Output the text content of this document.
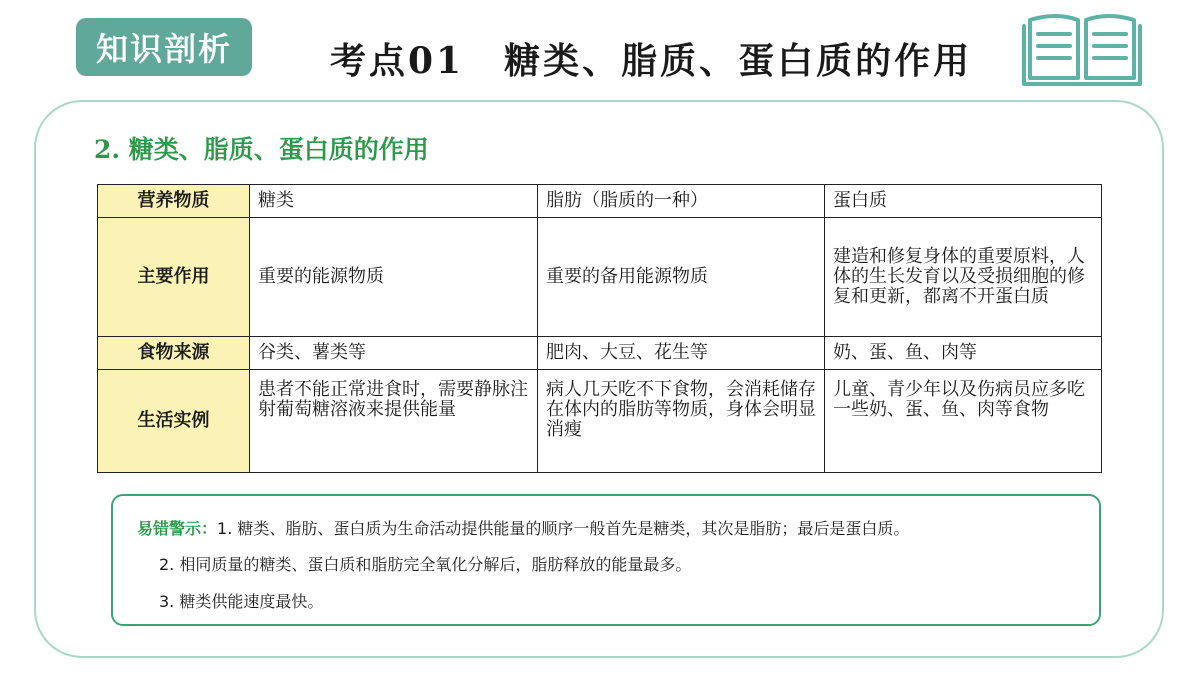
知识剖析	考点01 糖类、脂质、蛋白质的作用
2. 糖类、脂质、蛋白质的作用
营养物质	糖类	脂肪（脂质的一种）	蛋白质
主要作用	重要的能源物质	重要的备用能源物质	建造和修复身体的重要原料，人体的生长发育以及受损细胞的修复和更新，都离不开蛋白质
食物来源	谷类、薯类等	肥肉、大豆、花生等	奶、蛋、鱼、肉等
生活实例	患者不能正常进食时，需要静脉注射葡萄糖溶液来提供能量	病人几天吃不下食物，会消耗储存在体内的脂肪等物质，身体会明显消瘦	儿童、青少年以及伤病员应多吃一些奶、蛋、鱼、肉等食物
易错警示：1. 糖类、脂肪、蛋白质为生命活动提供能量的顺序一般首先是糖类，其次是脂肪；最后是蛋白质。
2. 相同质量的糖类、蛋白质和脂肪完全氧化分解后，脂肪释放的能量最多。
3. 糖类供能速度最快。
